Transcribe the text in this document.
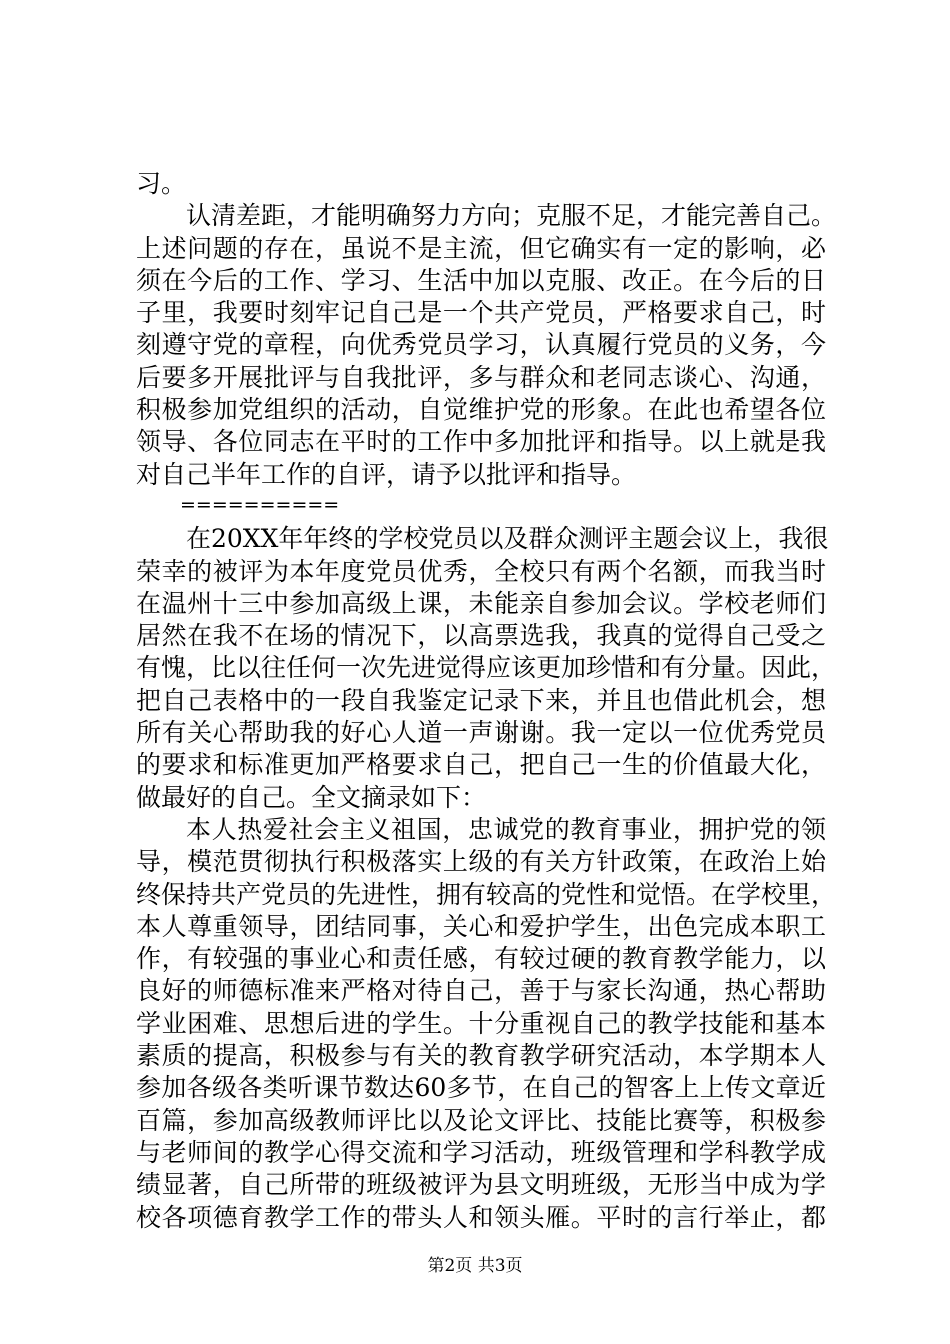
习。
认清差距，才能明确努力方向；克服不足，才能完善自己。
上述问题的存在，虽说不是主流，但它确实有一定的影响，必
须在今后的工作、学习、生活中加以克服、改正。在今后的日
子里，我要时刻牢记自己是一个共产党员，严格要求自己，时
刻遵守党的章程，向优秀党员学习，认真履行党员的义务，今
后要多开展批评与自我批评，多与群众和老同志谈心、沟通，
积极参加党组织的活动，自觉维护党的形象。在此也希望各位
领导、各位同志在平时的工作中多加批评和指导。以上就是我
对自己半年工作的自评，请予以批评和指导。
==========
在20XX年年终的学校党员以及群众测评主题会议上，我很
荣幸的被评为本年度党员优秀，全校只有两个名额，而我当时
在温州十三中参加高级上课，未能亲自参加会议。学校老师们
居然在我不在场的情况下，以高票选我，我真的觉得自己受之
有愧，比以往任何一次先进觉得应该更加珍惜和有分量。因此，
把自己表格中的一段自我鉴定记录下来，并且也借此机会，想
所有关心帮助我的好心人道一声谢谢。我一定以一位优秀党员
的要求和标准更加严格要求自己，把自己一生的价值最大化，
做最好的自己。全文摘录如下：
本人热爱社会主义祖国，忠诚党的教育事业，拥护党的领
导，模范贯彻执行积极落实上级的有关方针政策，在政治上始
终保持共产党员的先进性，拥有较高的党性和觉悟。在学校里，
本人尊重领导，团结同事，关心和爱护学生，出色完成本职工
作，有较强的事业心和责任感，有较过硬的教育教学能力，以
良好的师德标准来严格对待自己，善于与家长沟通，热心帮助
学业困难、思想后进的学生。十分重视自己的教学技能和基本
素质的提高，积极参与有关的教育教学研究活动，本学期本人
参加各级各类听课节数达60多节，在自己的智客上上传文章近
百篇，参加高级教师评比以及论文评比、技能比赛等，积极参
与老师间的教学心得交流和学习活动，班级管理和学科教学成
绩显著，自己所带的班级被评为县文明班级，无形当中成为学
校各项德育教学工作的带头人和领头雁。平时的言行举止，都
第2页 共3页
